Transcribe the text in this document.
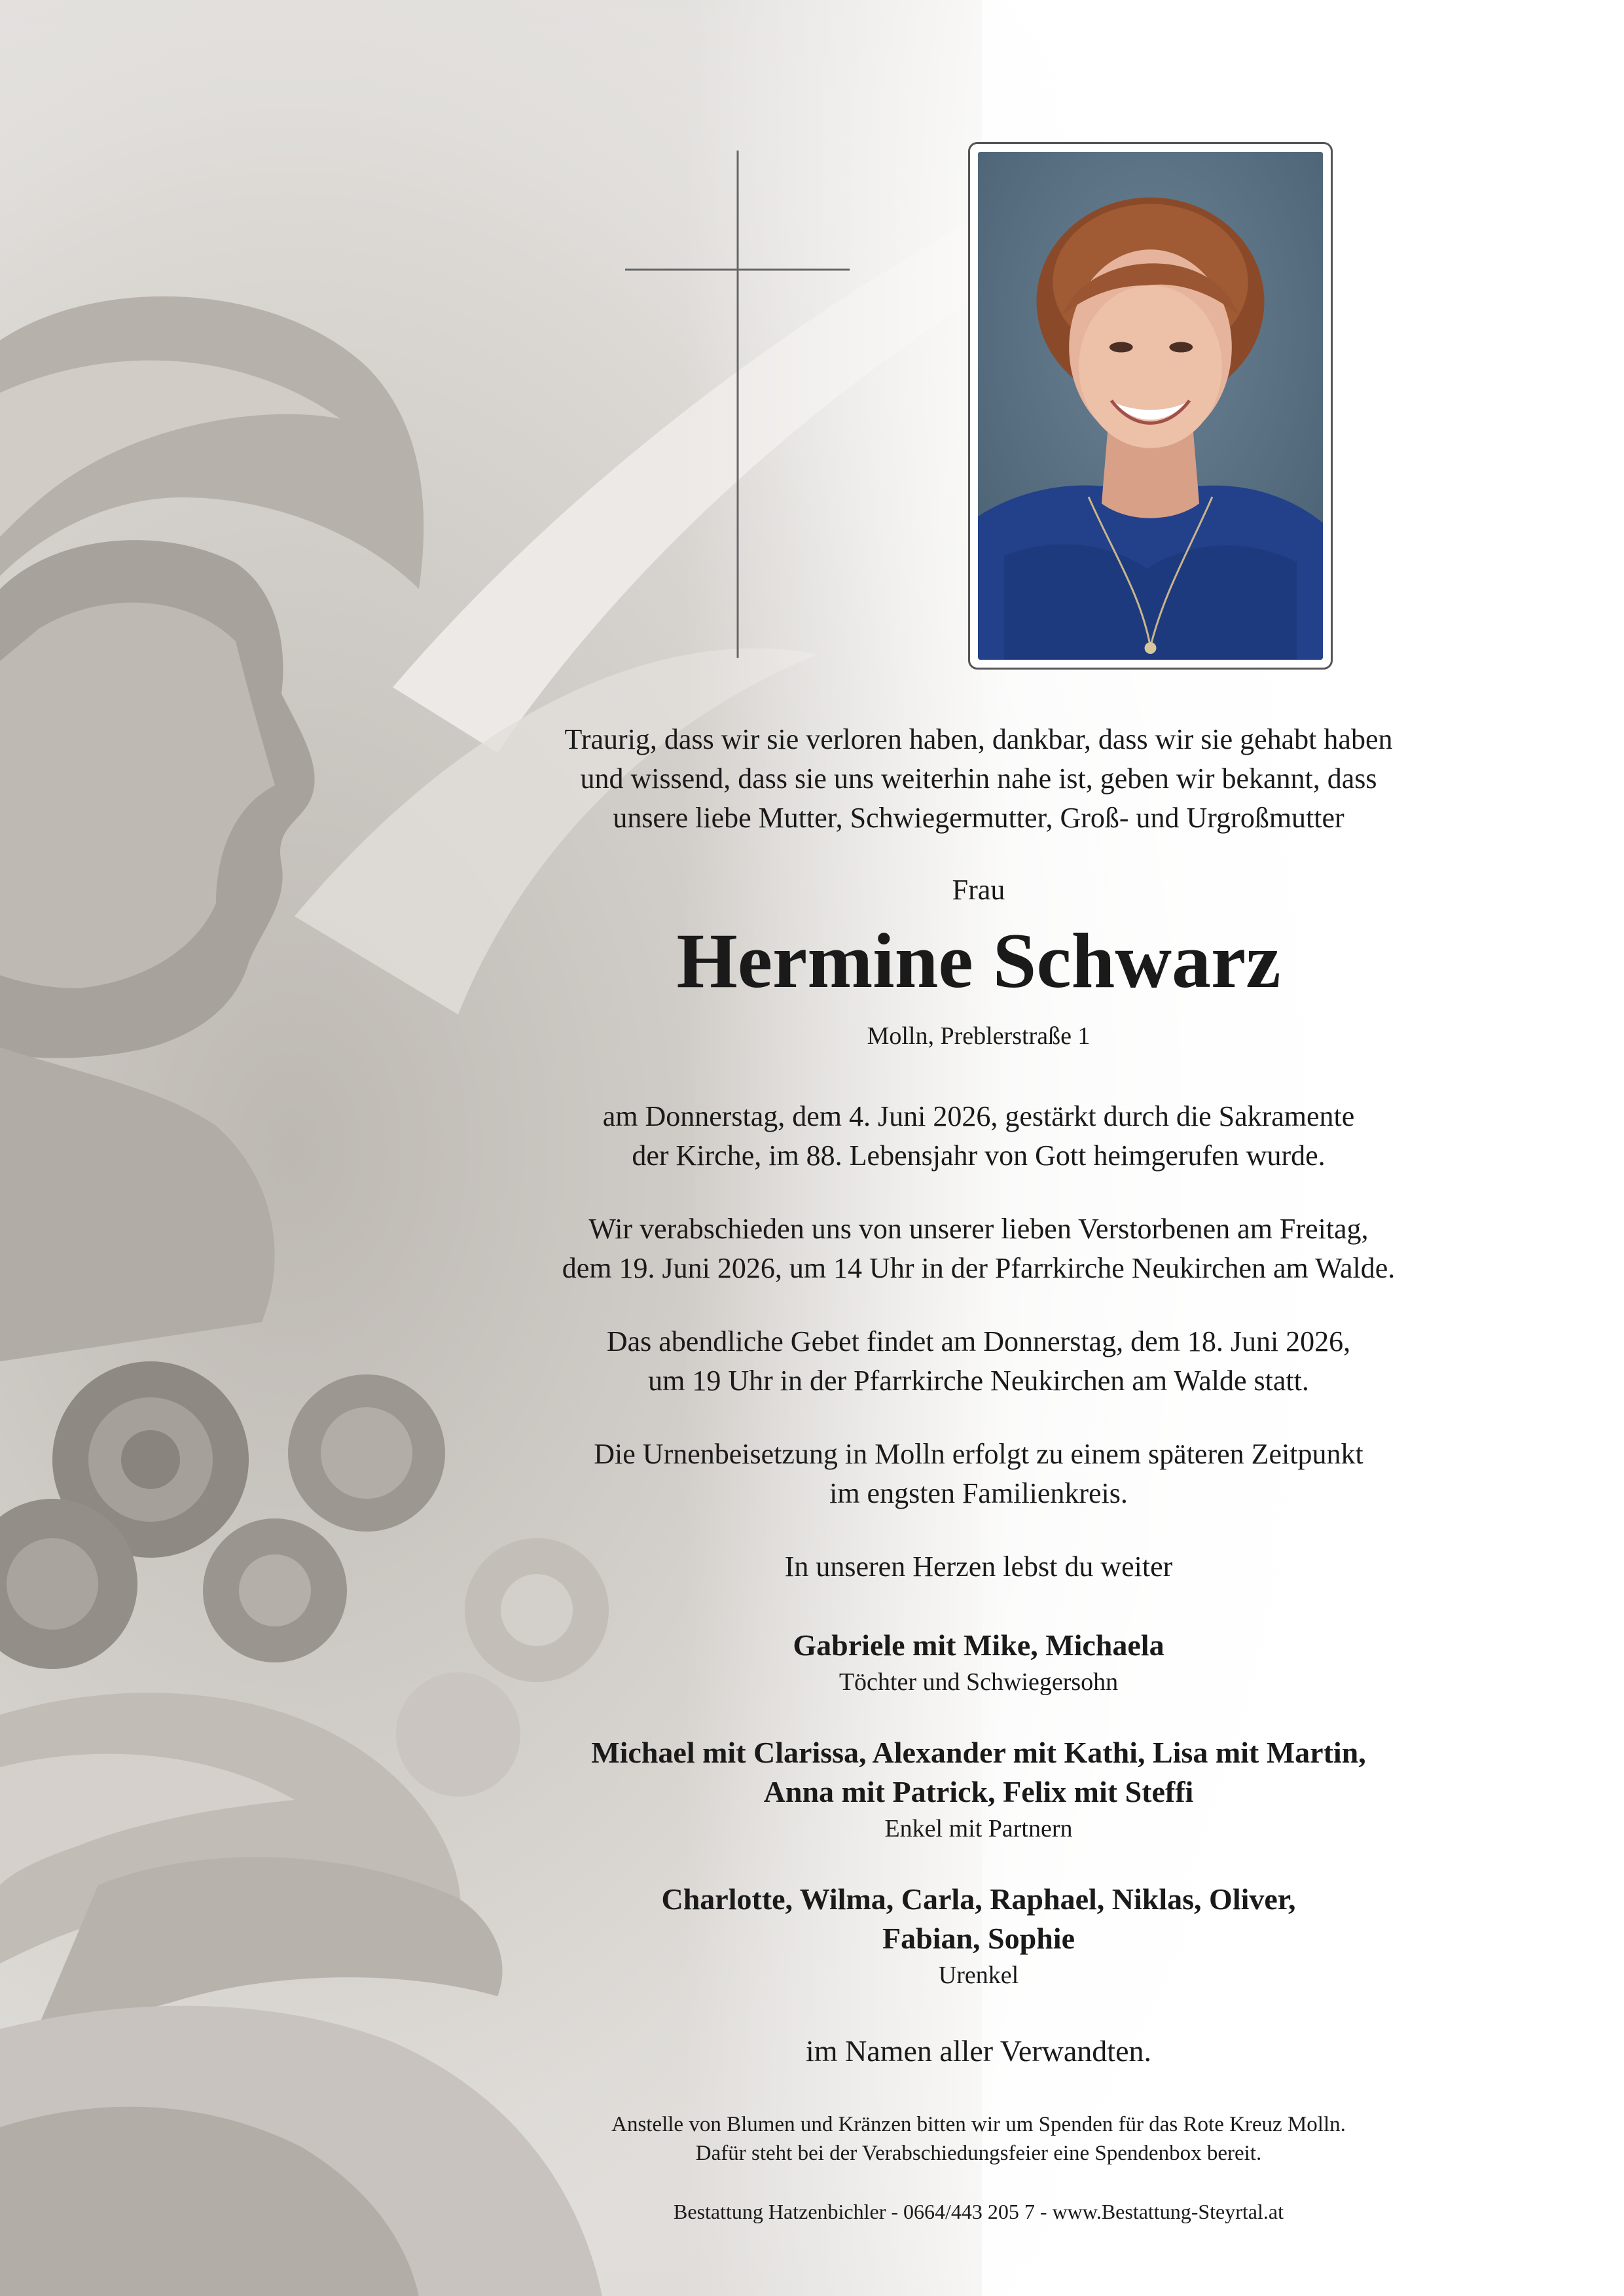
Traurig, dass wir sie verloren haben, dankbar, dass wir sie gehabt haben

und wissend, dass sie uns weiterhin nahe ist, geben wir bekannt, dass

unsere liebe Mutter, Schwiegermutter, Groß- und Urgroßmutter

Frau

Hermine Schwarz

Molln, Preblerstraße 1

am Donnerstag, dem 4. Juni 2026, gestärkt durch die Sakramente

der Kirche, im 88. Lebensjahr von Gott heimgerufen wurde.

Wir verabschieden uns von unserer lieben Verstorbenen am Freitag,

dem 19. Juni 2026, um 14 Uhr in der Pfarrkirche Neukirchen am Walde.

Das abendliche Gebet findet am Donnerstag, dem 18. Juni 2026,

um 19 Uhr in der Pfarrkirche Neukirchen am Walde statt.

Die Urnenbeisetzung in Molln erfolgt zu einem späteren Zeitpunkt

im engsten Familienkreis.

In unseren Herzen lebst du weiter

Gabriele mit Mike, Michaela

Töchter und Schwiegersohn

Michael mit Clarissa, Alexander mit Kathi, Lisa mit Martin,

Anna mit Patrick, Felix mit Steffi

Enkel mit Partnern

Charlotte, Wilma, Carla, Raphael, Niklas, Oliver,

Fabian, Sophie

Urenkel

im Namen aller Verwandten.

Anstelle von Blumen und Kränzen bitten wir um Spenden für das Rote Kreuz Molln.

Dafür steht bei der Verabschiedungsfeier eine Spendenbox bereit.

Bestattung Hatzenbichler - 0664/443 205 7 - www.Bestattung-Steyrtal.at
